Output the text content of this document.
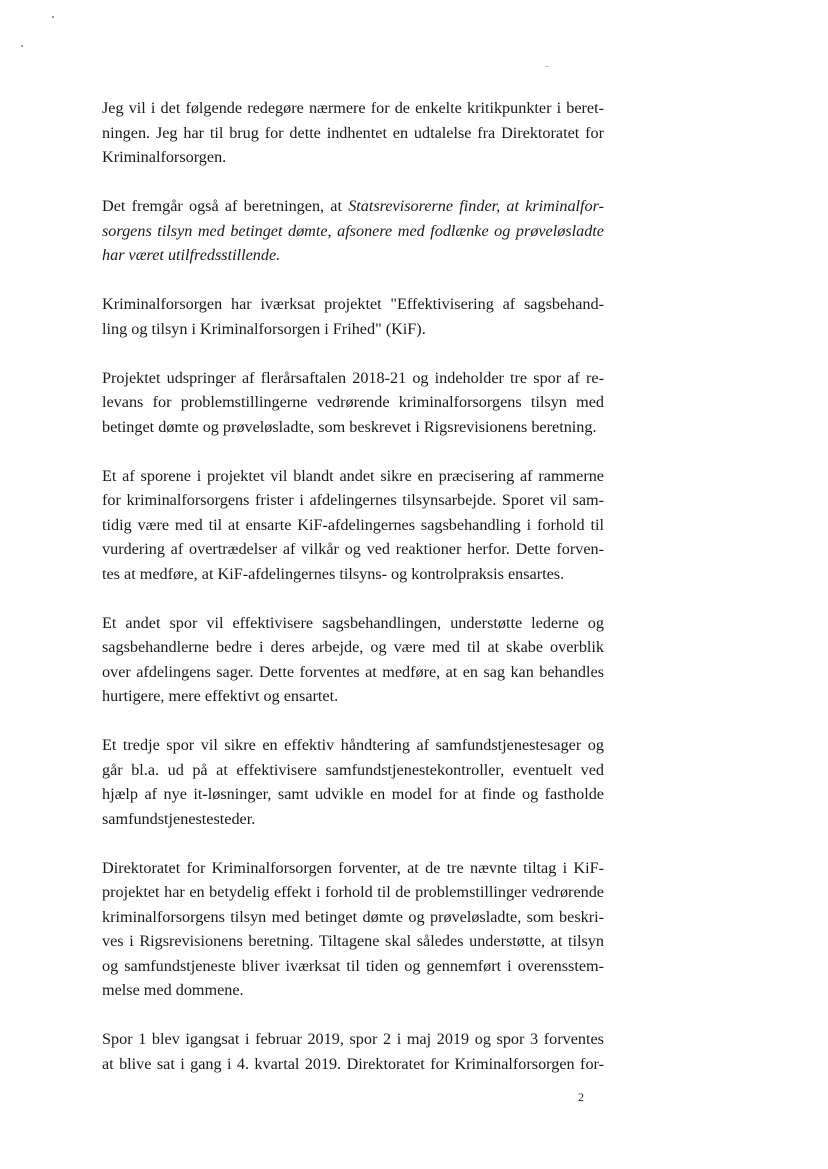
Jeg vil i det følgende redegøre nærmere for de enkelte kritikpunkter i beret-
ningen. Jeg har til brug for dette indhentet en udtalelse fra Direktoratet for
Kriminalforsorgen.

Det fremgår også af beretningen, at Statsrevisorerne finder, at kriminalfor-
sorgens tilsyn med betinget dømte, afsonere med fodlænke og prøveløsladte
har været utilfredsstillende.

Kriminalforsorgen har iværksat projektet "Effektivisering af sagsbehand-
ling og tilsyn i Kriminalforsorgen i Frihed" (KiF).

Projektet udspringer af flerårsaftalen 2018-21 og indeholder tre spor af re-
levans for problemstillingerne vedrørende kriminalforsorgens tilsyn med
betinget dømte og prøveløsladte, som beskrevet i Rigsrevisionens beretning.

Et af sporene i projektet vil blandt andet sikre en præcisering af rammerne
for kriminalforsorgens frister i afdelingernes tilsynsarbejde. Sporet vil sam-
tidig være med til at ensarte KiF-afdelingernes sagsbehandling i forhold til
vurdering af overtrædelser af vilkår og ved reaktioner herfor. Dette forven-
tes at medføre, at KiF-afdelingernes tilsyns- og kontrolpraksis ensartes.

Et andet spor vil effektivisere sagsbehandlingen, understøtte lederne og
sagsbehandlerne bedre i deres arbejde, og være med til at skabe overblik
over afdelingens sager. Dette forventes at medføre, at en sag kan behandles
hurtigere, mere effektivt og ensartet.

Et tredje spor vil sikre en effektiv håndtering af samfundstjenestesager og
går bl.a. ud på at effektivisere samfundstjenestekontroller, eventuelt ved
hjælp af nye it-løsninger, samt udvikle en model for at finde og fastholde
samfundstjenestesteder.

Direktoratet for Kriminalforsorgen forventer, at de tre nævnte tiltag i KiF-
projektet har en betydelig effekt i forhold til de problemstillinger vedrørende
kriminalforsorgens tilsyn med betinget dømte og prøveløsladte, som beskri-
ves i Rigsrevisionens beretning. Tiltagene skal således understøtte, at tilsyn
og samfundstjeneste bliver iværksat til tiden og gennemført i overensstem-
melse med dommene.

Spor 1 blev igangsat i februar 2019, spor 2 i maj 2019 og spor 3 forventes
at blive sat i gang i 4. kvartal 2019. Direktoratet for Kriminalforsorgen for-

2
